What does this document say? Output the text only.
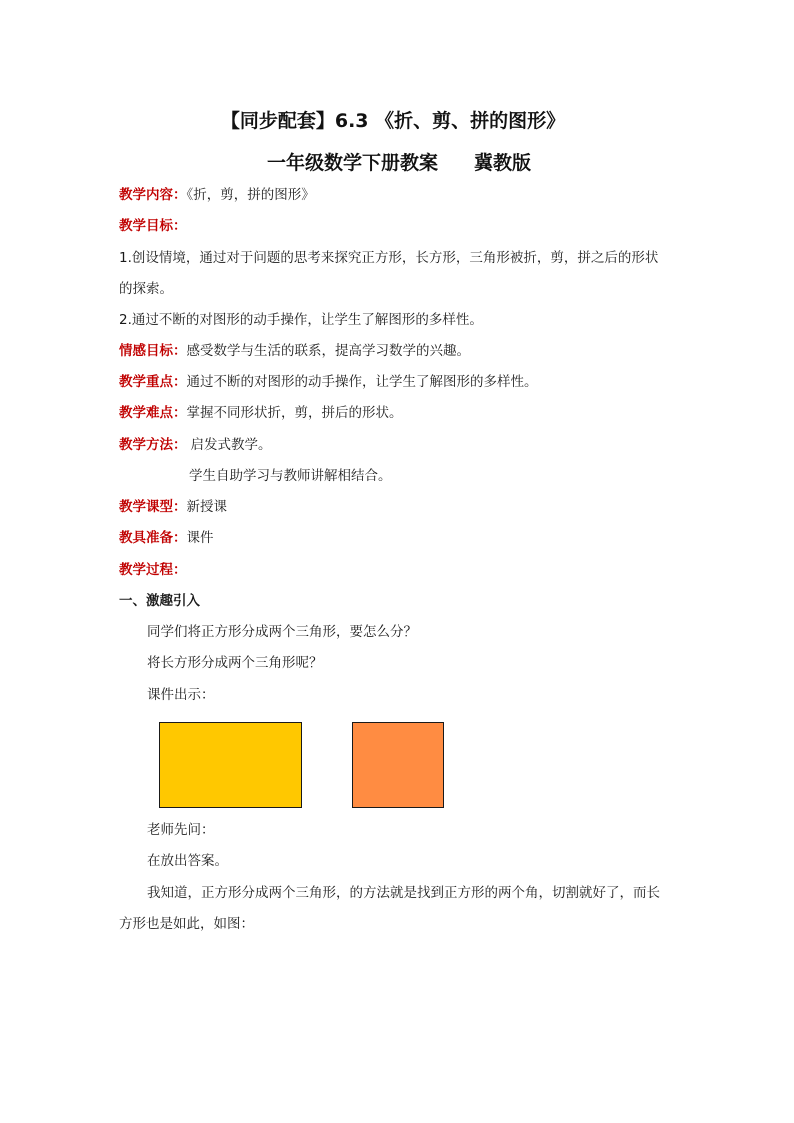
【同步配套】6.3 《折、剪、拼的图形》
一年级数学下册教案 冀教版
教学内容：《折，剪，拼的图形》
教学目标：
1.创设情境，通过对于问题的思考来探究正方形，长方形，三角形被折，剪，拼之后的形状
的探索。
2.通过不断的对图形的动手操作，让学生了解图形的多样性。
情感目标：感受数学与生活的联系，提高学习数学的兴趣。
教学重点：通过不断的对图形的动手操作，让学生了解图形的多样性。
教学难点：掌握不同形状折，剪，拼后的形状。
教学方法： 启发式教学。
学生自助学习与教师讲解相结合。
教学课型：新授课
教具准备：课件
教学过程：
一、激趣引入
同学们将正方形分成两个三角形，要怎么分？
将长方形分成两个三角形呢？
课件出示：
老师先问：
在放出答案。
我知道，正方形分成两个三角形，的方法就是找到正方形的两个角，切割就好了，而长
方形也是如此，如图：
